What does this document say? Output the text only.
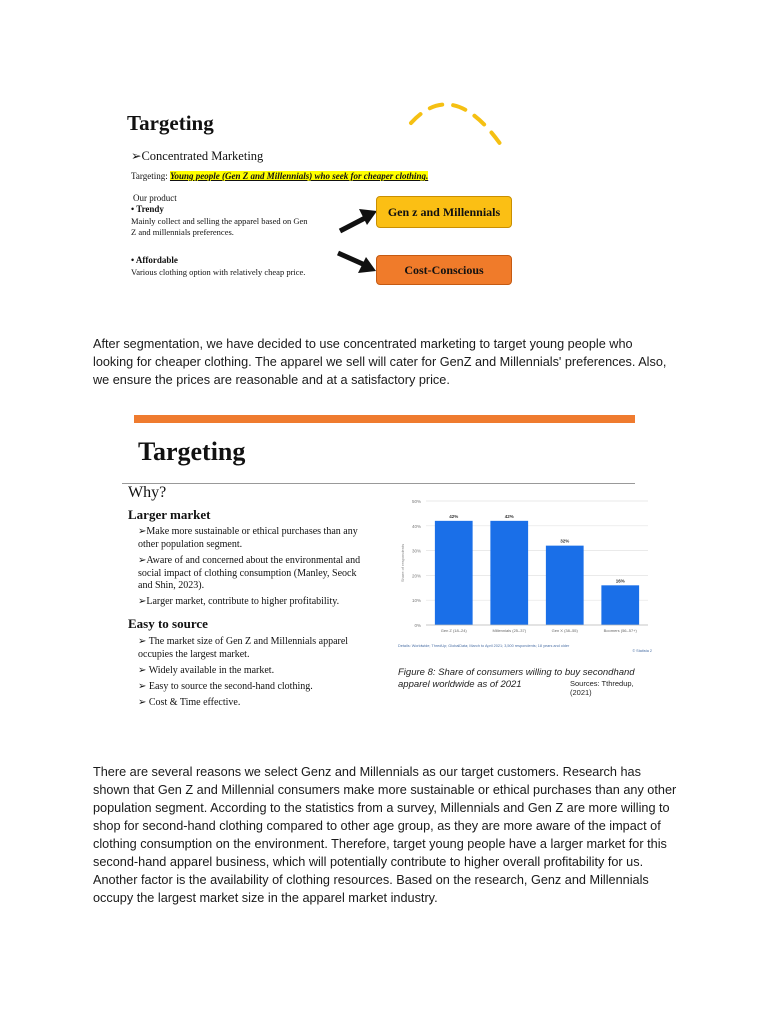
Targeting
➢Concentrated Marketing
Targeting: Young people (Gen Z and Millennials) who seek for cheaper clothing.
Our product
• Trendy
Mainly collect and selling the apparel based on Gen Z and millennials preferences.
• Affordable
Various clothing option with relatively cheap price.
Gen z and Millennials
Cost-Conscious
After segmentation, we have decided to use concentrated marketing to target young people who looking for cheaper clothing. The apparel we sell will cater for GenZ and Millennials' preferences. Also, we ensure the prices are reasonable and at a satisfactory price.
Targeting
Why?
Larger market
➢Make more sustainable or ethical purchases than any other population segment.
➢Aware of and concerned about the environmental and social impact of clothing consumption (Manley, Seock and Shin, 2023).
➢Larger market, contribute to higher profitability.
Easy to source
➢ The market size of Gen Z and Millennials apparel occupies the largest market.
➢ Widely available in the market.
➢ Easy to source the second-hand clothing.
➢ Cost & Time effective.
0%
10%
20%
30%
40%
50%
Share of respondents
42%
Gen Z (18–24)
42%
Millennials (25–37)
32%
Gen X (38–55)
16%
Boomers (56–57+)
Details: Worldwide; ThredUp; GlobalData; March to April 2021; 3,500 respondents; 18 years and older
© Statista 2
Figure 8: Share of consumers willing to buy secondhand apparel worldwide as of 2021	Sources: Tthredup, (2021)
There are several reasons we select Genz and Millennials as our target customers. Research has shown that Gen Z and Millennial consumers make more sustainable or ethical purchases than any other population segment. According to the statistics from a survey, Millennials and Gen Z are more willing to shop for second-hand clothing compared to other age group, as they are more aware of the impact of clothing consumption on the environment. Therefore, target young people have a larger market for this second-hand apparel business, which will potentially contribute to higher overall profitability for us. Another factor is the availability of clothing resources. Based on the research, Genz and Millennials occupy the largest market size in the apparel market industry.
